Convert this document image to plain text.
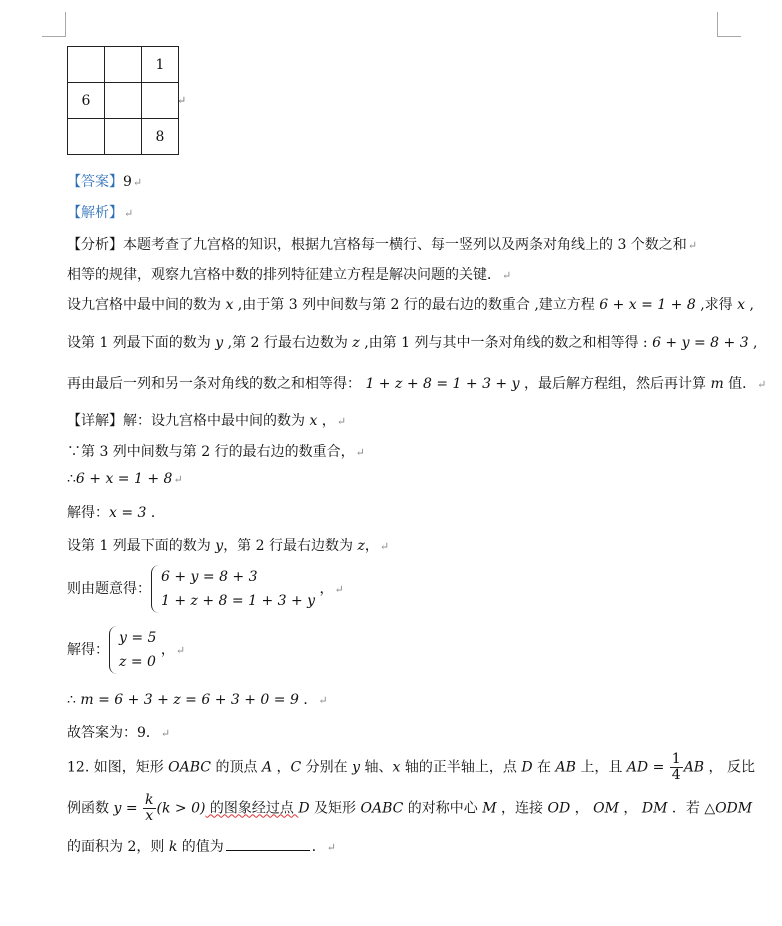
		1
6		
		8
↵
【答案】9↵
【解析】↵
【分析】本题考查了九宫格的知识，根据九宫格每一横行、每一竖列以及两条对角线上的 3 个数之和↵
相等的规律，观察九宫格中数的排列特征建立方程是解决问题的关键．↵
设九宫格中最中间的数为 x ,由于第 3 列中间数与第 2 行的最右边的数重合 ,建立方程 6 + x = 1 + 8 ,求得 x ,
设第 1 列最下面的数为 y ,第 2 行最右边数为 z ,由第 1 列与其中一条对角线的数之和相等得 : 6 + y = 8 + 3 ,
再由最后一列和另一条对角线的数之和相等得： 1 + z + 8 = 1 + 3 + y ，最后解方程组，然后再计算 m 值．↵
【详解】解：设九宫格中最中间的数为 x ，↵
∵第 3 列中间数与第 2 行的最右边的数重合，↵
∴6 + x = 1 + 8↵
解得：x = 3 ．
设第 1 列最下面的数为 y，第 2 行最右边数为 z，↵
则由题意得：
6 + y = 8 + 3
1 + z + 8 = 1 + 3 + y
，↵
解得：
y = 5
z = 0
，↵
∴ m = 6 + 3 + z = 6 + 3 + 0 = 9 ．↵
故答案为：9．↵
12. 如图，矩形 OABC 的顶点 A ，C 分别在 y 轴、x 轴的正半轴上，点 D 在 AB 上，且 AD = $\frac{1}{4}$ AB ， 反比
例函数 $y = \frac{k}{x} (k > 0)$ 的图象经过点 D 及矩形 OABC 的对称中心 M ，连接 OD ， OM ， DM ．若 △ODM
的面积为 2，则 k 的值为	．↵
